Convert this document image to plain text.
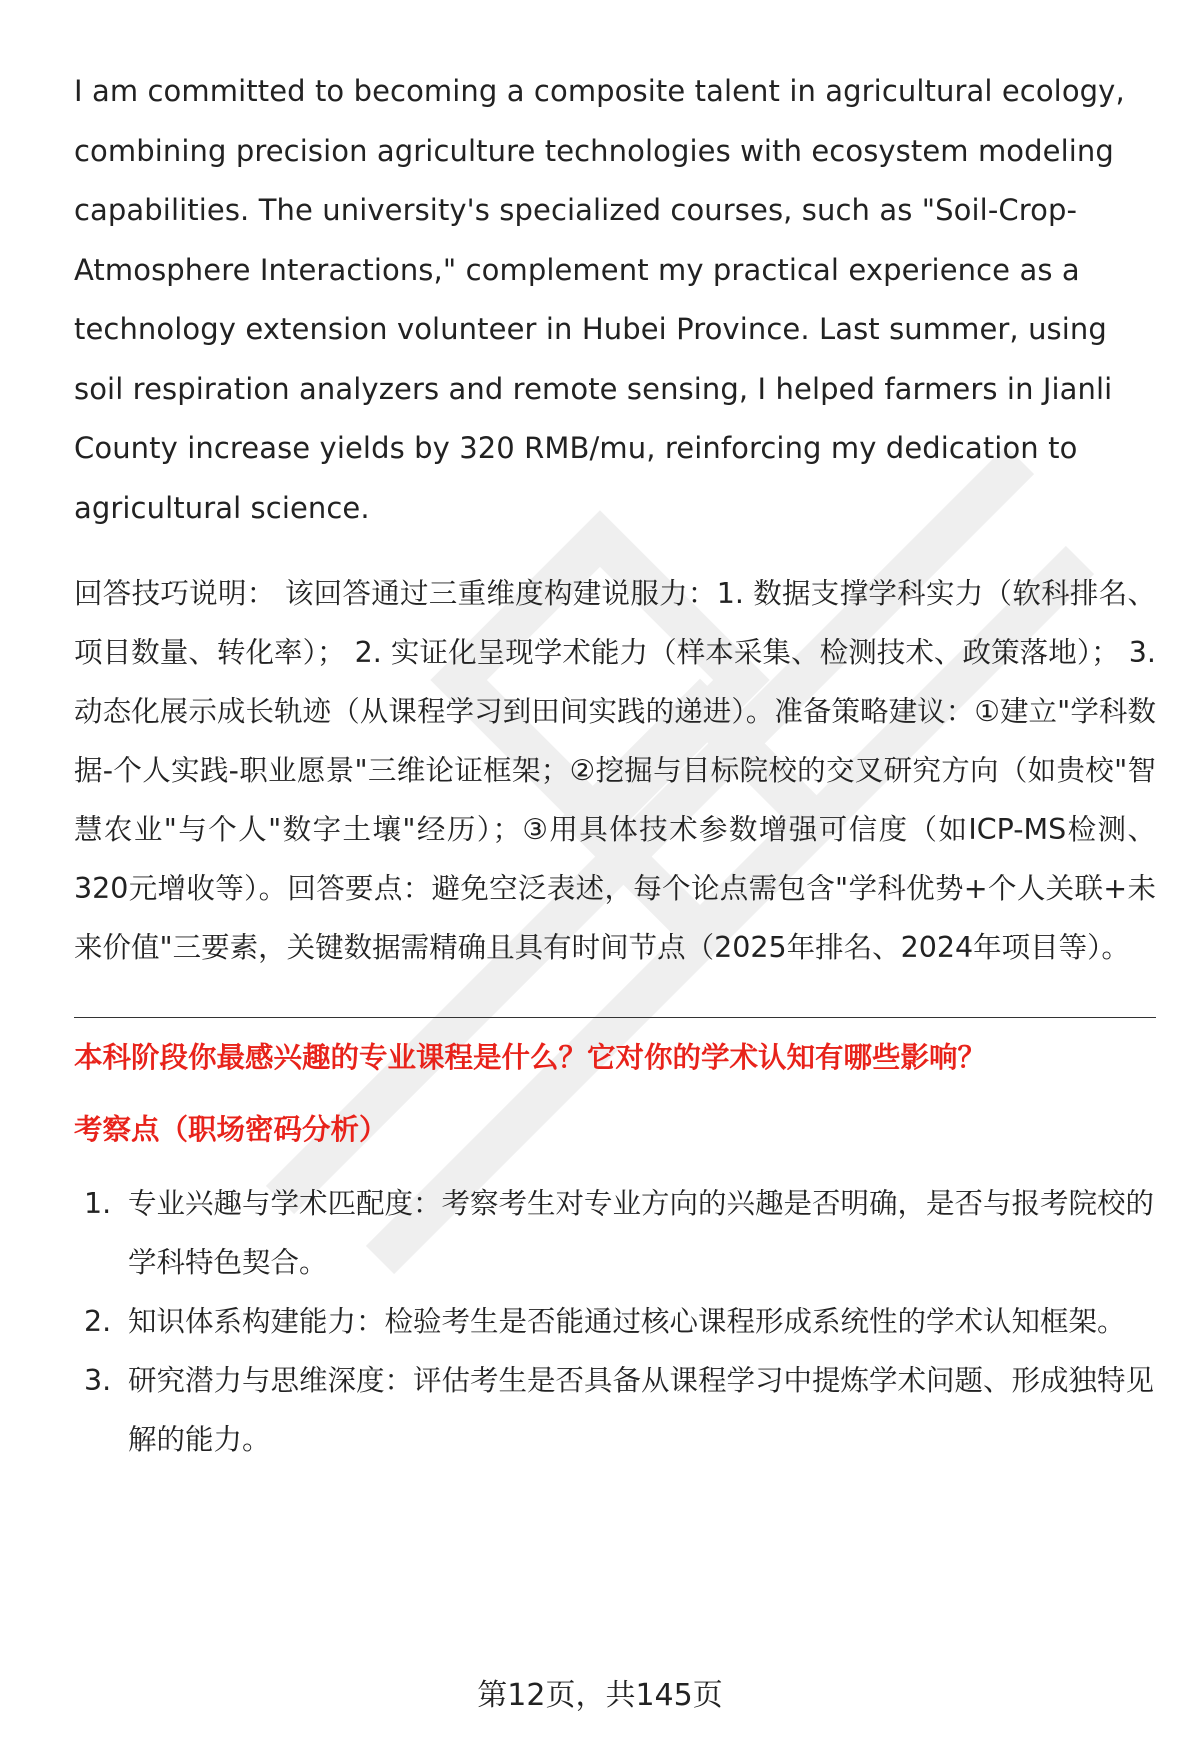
I am committed to becoming a composite talent in agricultural ecology, combining precision agriculture technologies with ecosystem modeling capabilities. The university's specialized courses, such as "Soil-Crop-Atmosphere Interactions," complement my practical experience as a technology extension volunteer in Hubei Province. Last summer, using soil respiration analyzers and remote sensing, I helped farmers in Jianli County increase yields by 320 RMB/mu, reinforcing my dedication to agricultural science.

回答技巧说明： 该回答通过三重维度构建说服力：1. 数据支撑学科实力（软科排名、项目数量、转化率）； 2. 实证化呈现学术能力（样本采集、检测技术、政策落地）； 3. 动态化展示成长轨迹（从课程学习到田间实践的递进）。准备策略建议：①建立"学科数据-个人实践-职业愿景"三维论证框架；②挖掘与目标院校的交叉研究方向（如贵校"智慧农业"与个人"数字土壤"经历）；③用具体技术参数增强可信度（如ICP-MS检测、320元增收等）。回答要点：避免空泛表述，每个论点需包含"学科优势+个人关联+未来价值"三要素，关键数据需精确且具有时间节点（2025年排名、2024年项目等）。

本科阶段你最感兴趣的专业课程是什么？它对你的学术认知有哪些影响？
考察点（职场密码分析）
1. 专业兴趣与学术匹配度：考察考生对专业方向的兴趣是否明确，是否与报考院校的学科特色契合。
2. 知识体系构建能力：检验考生是否能通过核心课程形成系统性的学术认知框架。
3. 研究潜力与思维深度：评估考生是否具备从课程学习中提炼学术问题、形成独特见解的能力。
第12页，共145页
